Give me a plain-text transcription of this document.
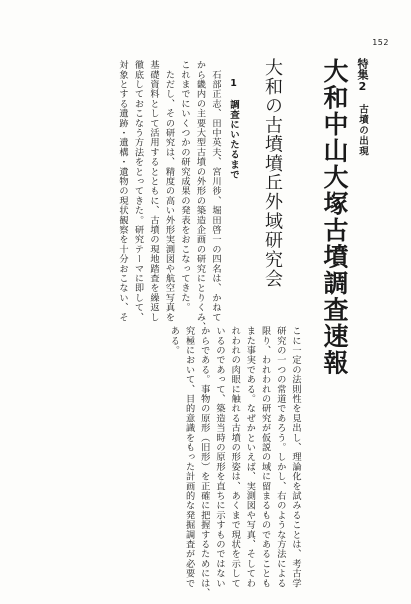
152
特集2
古墳の出現
大和中山大塚古墳調査速報
大和の古墳墳丘外域研究会
1　調査にいたるまで
　石部正志、田中英夫、宮川徏、堀田啓一の四名は、かねて
から畿内の主要大型古墳の外形の築造企画の研究にとりくみ、
これまでにいくつかの研究成果の発表をおこなってきた。
　ただし、その研究は、精度の高い外形実測図や航空写真を
基礎資料として活用するとともに、古墳の現地踏査を繰返し
徹底しておこなう方法をとってきた。研究テーマに即して、
対象とする遺跡・遺構・遺物の現状観察を十分おこない、そ
こに一定の法則性を見出し、理論化を試みることは、考古学
研究の一つの常道であろう。しかし、右のような方法による
限り、われわれの研究が仮説の域に留まるものであることも
また事実である。なぜかといえば、実測図や写真、そしてわ
れわれの肉眼に触れる古墳の形姿は、あくまで現状を示して
いるのであって、築造当時の原形を直ちに示すものではない
からである。事物の原形（旧形）を正確に把握するためには、
究極において、目的意識をもった計画的な発掘調査が必要で
ある。
